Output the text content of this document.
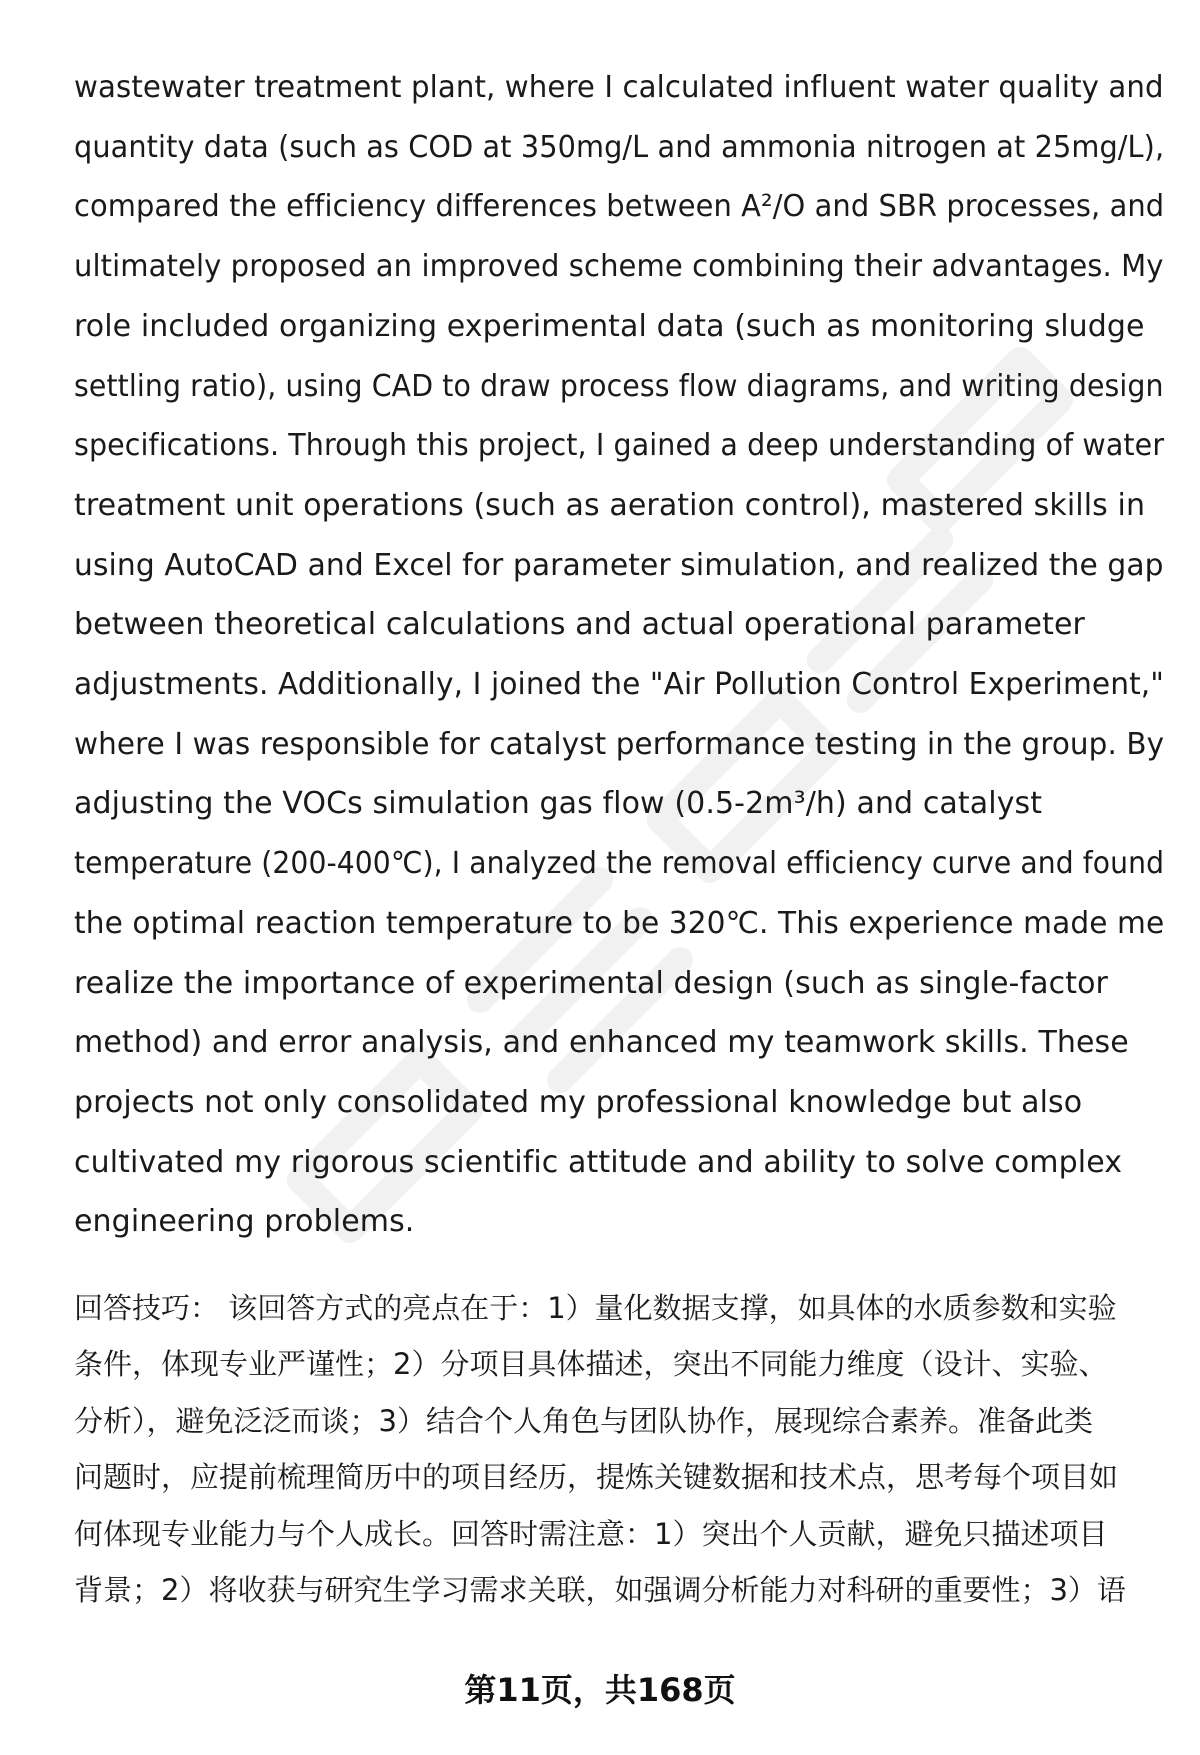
wastewater treatment plant, where I calculated influent water quality and
quantity data (such as COD at 350mg/L and ammonia nitrogen at 25mg/L),
compared the efficiency differences between A²/O and SBR processes, and
ultimately proposed an improved scheme combining their advantages. My
role included organizing experimental data (such as monitoring sludge
settling ratio), using CAD to draw process flow diagrams, and writing design
specifications. Through this project, I gained a deep understanding of water
treatment unit operations (such as aeration control), mastered skills in
using AutoCAD and Excel for parameter simulation, and realized the gap
between theoretical calculations and actual operational parameter
adjustments. Additionally, I joined the "Air Pollution Control Experiment,"
where I was responsible for catalyst performance testing in the group. By
adjusting the VOCs simulation gas flow (0.5-2m³/h) and catalyst
temperature (200-400℃), I analyzed the removal efficiency curve and found
the optimal reaction temperature to be 320℃. This experience made me
realize the importance of experimental design (such as single-factor
method) and error analysis, and enhanced my teamwork skills. These
projects not only consolidated my professional knowledge but also
cultivated my rigorous scientific attitude and ability to solve complex
engineering problems.
回答技巧： 该回答方式的亮点在于：1）量化数据支撑，如具体的水质参数和实验
条件，体现专业严谨性；2）分项目具体描述，突出不同能力维度（设计、实验、
分析），避免泛泛而谈；3）结合个人角色与团队协作，展现综合素养。准备此类
问题时，应提前梳理简历中的项目经历，提炼关键数据和技术点，思考每个项目如
何体现专业能力与个人成长。回答时需注意：1）突出个人贡献，避免只描述项目
背景；2）将收获与研究生学习需求关联，如强调分析能力对科研的重要性；3）语
第11页，共168页
